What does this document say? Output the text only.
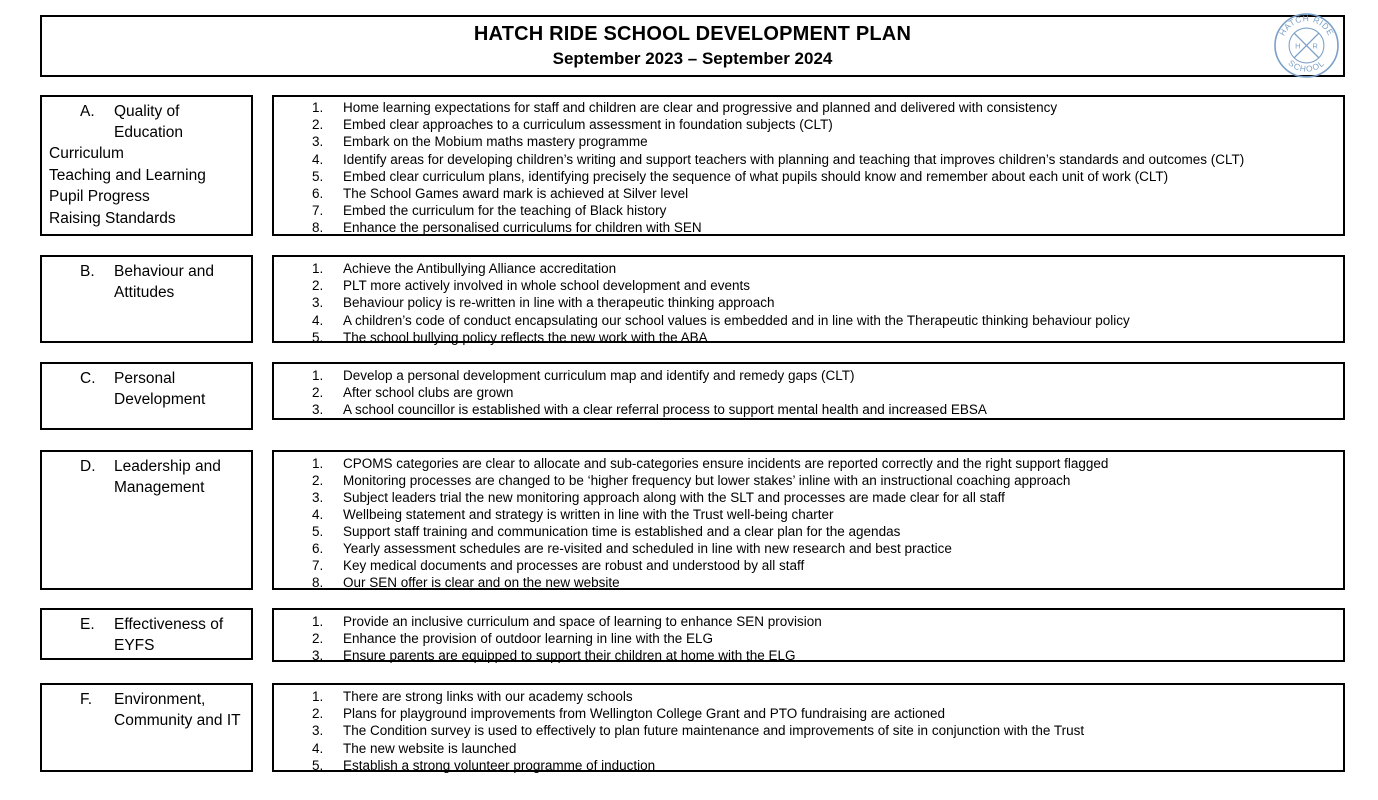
HATCH RIDE SCHOOL DEVELOPMENT PLAN
September 2023 – September 2024
HATCH RIDE
SCHOOL
H R
A.	Quality of Education
Curriculum
Teaching and Learning
Pupil Progress
Raising Standards
1.	Home learning expectations for staff and children are clear and progressive and planned and delivered with consistency
2.	Embed clear approaches to a curriculum assessment in foundation subjects (CLT)
3.	Embark on the Mobium maths mastery programme
4.	Identify areas for developing children’s writing and support teachers with planning and teaching that improves children’s standards and outcomes (CLT)
5.	Embed clear curriculum plans, identifying precisely the sequence of what pupils should know and remember about each unit of work (CLT)
6.	The School Games award mark is achieved at Silver level
7.	Embed the curriculum for the teaching of Black history
8.	Enhance the personalised curriculums for children with SEN
B.	Behaviour and Attitudes
1.	Achieve the Antibullying Alliance accreditation
2.	PLT more actively involved in whole school development and events
3.	Behaviour policy is re-written in line with a therapeutic thinking approach
4.	A children’s code of conduct encapsulating our school values is embedded and in line with the Therapeutic thinking behaviour policy
5.	The school bullying policy reflects the new work with the ABA
C.	Personal Development
1.	Develop a personal development curriculum map and identify and remedy gaps (CLT)
2.	After school clubs are grown
3.	A school councillor is established with a clear referral process to support mental health and increased EBSA
D.	Leadership and Management
1.	CPOMS categories are clear to allocate and sub-categories ensure incidents are reported correctly and the right support flagged
2.	Monitoring processes are changed to be ‘higher frequency but lower stakes’ inline with an instructional coaching approach
3.	Subject leaders trial the new monitoring approach along with the SLT and processes are made clear for all staff
4.	Wellbeing statement and strategy is written in line with the Trust well-being charter
5.	Support staff training and communication time is established and a clear plan for the agendas
6.	Yearly assessment schedules are re-visited and scheduled in line with new research and best practice
7.	Key medical documents and processes are robust and understood by all staff
8.	Our SEN offer is clear and on the new website
E.	Effectiveness of EYFS
1.	Provide an inclusive curriculum and space of learning to enhance SEN provision
2.	Enhance the provision of outdoor learning in line with the ELG
3.	Ensure parents are equipped to support their children at home with the ELG
F.	Environment, Community and IT
1.	There are strong links with our academy schools
2.	Plans for playground improvements from Wellington College Grant and PTO fundraising are actioned
3.	The Condition survey is used to effectively to plan future maintenance and improvements of site in conjunction with the Trust
4.	The new website is launched
5.	Establish a strong volunteer programme of induction
